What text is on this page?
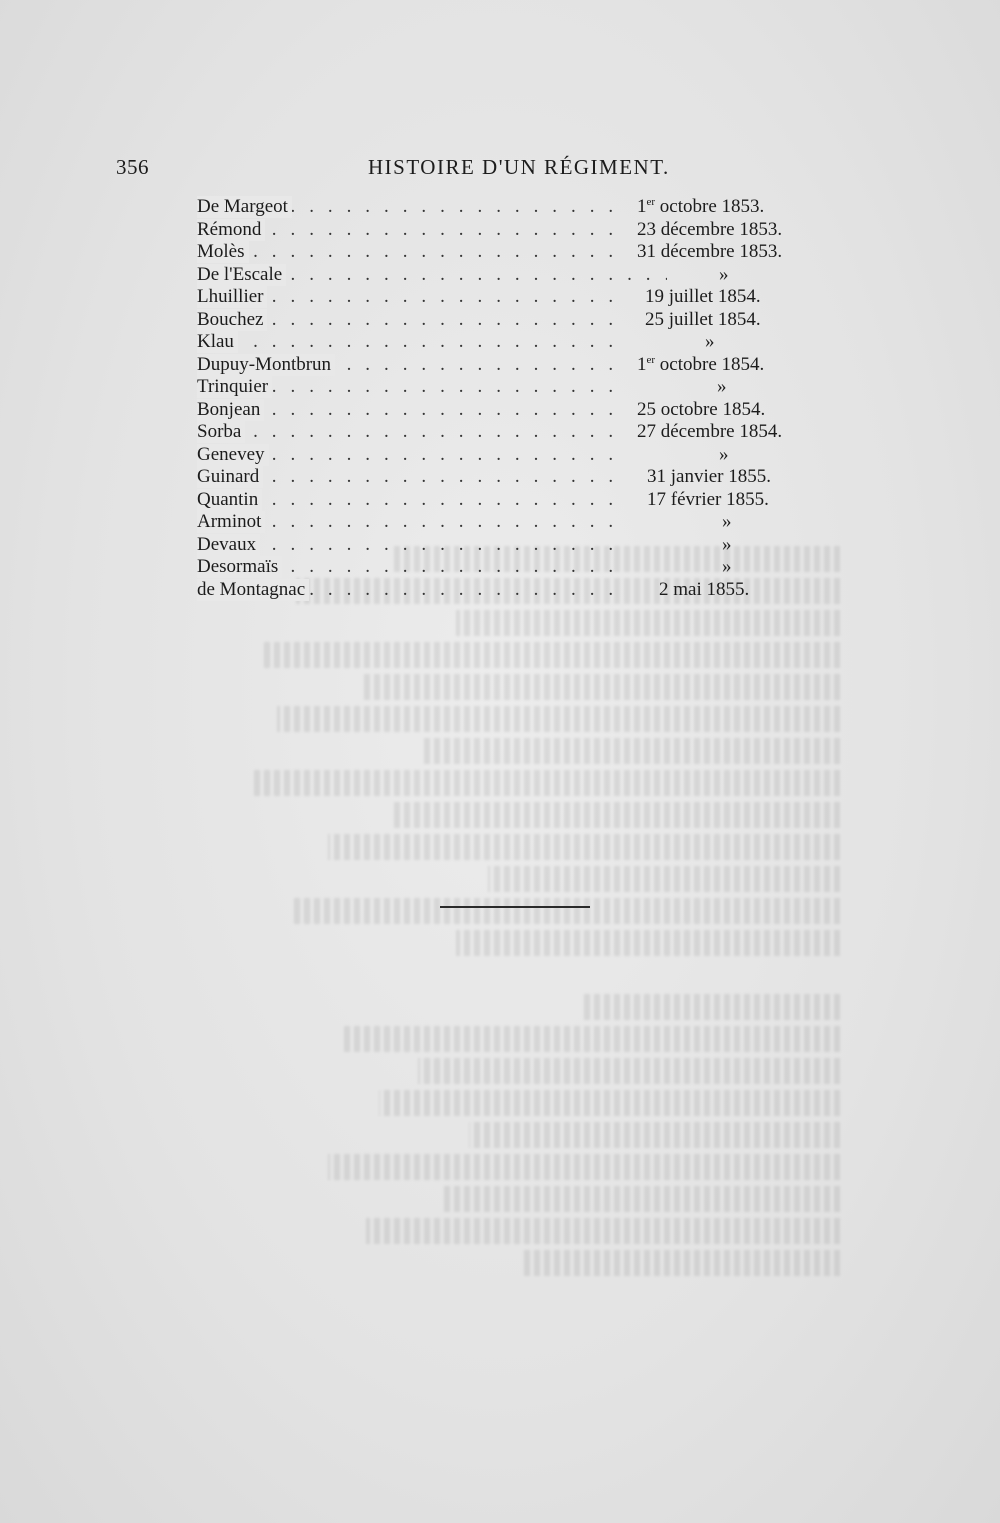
356	HISTOIRE D'UN RÉGIMENT.
. . .
De Margeot	1er octobre 1853.
. . .
Rémond	23 décembre 1853.
. . .
Molès	31 décembre 1853.
. . .
De l'Escale	»
. . .
Lhuillier	19 juillet 1854.
. . .
Bouchez	25 juillet 1854.
. . .
Klau	»
. . .
Dupuy-Montbrun	1er octobre 1854.
. . .
Trinquier	»
. . .
Bonjean	25 octobre 1854.
. . .
Sorba	27 décembre 1854.
. . .
Genevey	»
. . .
Guinard	31 janvier 1855.
. . .
Quantin	17 février 1855.
. . .
Arminot	»
. . .
Devaux	»
. . .
Desormaïs	»
. . .
de Montagnac	2 mai 1855.
